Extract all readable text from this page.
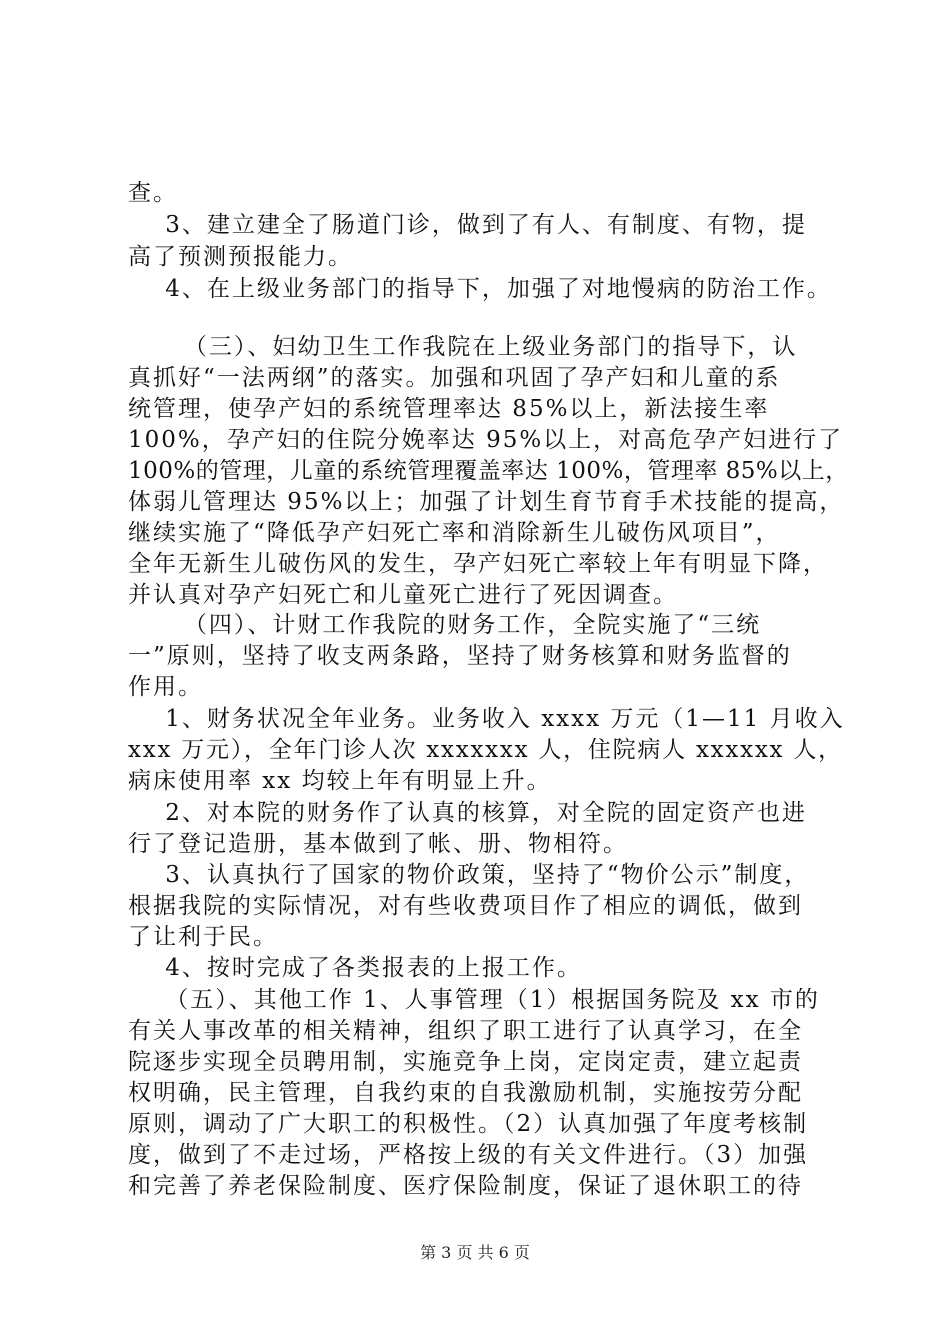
查。
3、建立建全了肠道门诊，做到了有人、有制度、有物，提
高了预测预报能力。
4、在上级业务部门的指导下，加强了对地慢病的防治工作。
（三）、妇幼卫生工作我院在上级业务部门的指导下，认
真抓好“一法两纲”的落实。加强和巩固了孕产妇和儿童的系
统管理，使孕产妇的系统管理率达 85%以上，新法接生率
100%，孕产妇的住院分娩率达 95%以上，对高危孕产妇进行了
100%的管理，儿童的系统管理覆盖率达 100%，管理率 85%以上，
体弱儿管理达 95%以上；加强了计划生育节育手术技能的提高，
继续实施了“降低孕产妇死亡率和消除新生儿破伤风项目”，
全年无新生儿破伤风的发生，孕产妇死亡率较上年有明显下降，
并认真对孕产妇死亡和儿童死亡进行了死因调查。
（四）、计财工作我院的财务工作，全院实施了“三统
一”原则，坚持了收支两条路，坚持了财务核算和财务监督的
作用。
1、财务状况全年业务。业务收入 xxxx 万元（1—11 月收入
xxx 万元），全年门诊人次 xxxxxxx 人，住院病人 xxxxxx 人，
病床使用率 xx 均较上年有明显上升。
2、对本院的财务作了认真的核算，对全院的固定资产也进
行了登记造册，基本做到了帐、册、物相符。
3、认真执行了国家的物价政策，坚持了“物价公示”制度，
根据我院的实际情况，对有些收费项目作了相应的调低，做到
了让利于民。
4、按时完成了各类报表的上报工作。
（五）、其他工作 1、人事管理（1）根据国务院及 xx 市的
有关人事改革的相关精神，组织了职工进行了认真学习，在全
院逐步实现全员聘用制，实施竞争上岗，定岗定责，建立起责
权明确，民主管理，自我约束的自我激励机制，实施按劳分配
原则，调动了广大职工的积极性。（2）认真加强了年度考核制
度，做到了不走过场，严格按上级的有关文件进行。（3）加强
和完善了养老保险制度、医疗保险制度，保证了退休职工的待
第 3 页 共 6 页
